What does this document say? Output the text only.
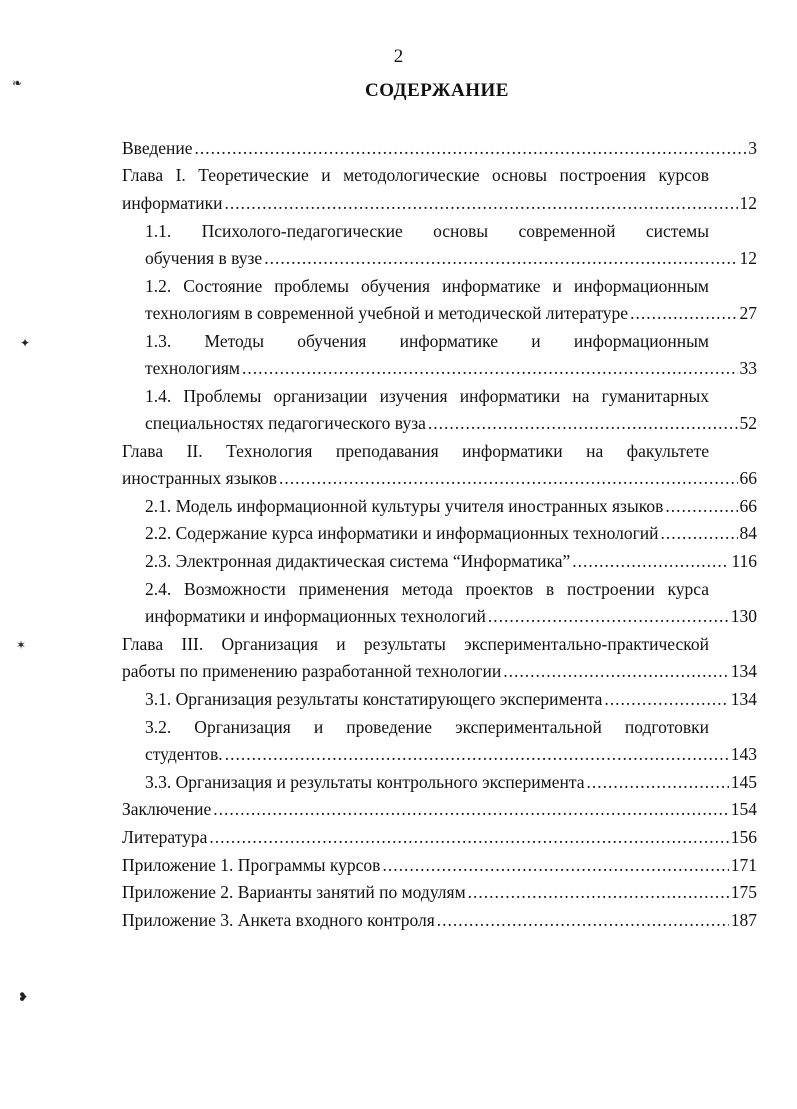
❧
✦
✶
❥
2
СОДЕРЖАНИЕ
Введение .....	3
Глава I. Теоретические и методологические основы построения курсов
информатики .....	12
1.1. Психолого-педагогические основы современной системы
обучения в вузе .....	12
1.2. Состояние проблемы обучения информатике и информационным
технологиям в современной учебной и методической литературе .....	27
1.3. Методы обучения информатике и информационным
технологиям .....	33
1.4. Проблемы организации изучения информатики на гуманитарных
специальностях педагогического вуза .....	52
Глава II. Технология преподавания информатики на факультете
иностранных языков .....	66
2.1. Модель информационной культуры учителя иностранных языков .....	66
2.2. Содержание курса информатики и информационных технологий .....	84
2.3. Электронная дидактическая система “Информатика” .....	116
2.4. Возможности применения метода проектов в построении курса
информатики и информационных технологий .....	130
Глава III. Организация и результаты экспериментально-практической
работы по применению разработанной технологии .....	134
3.1. Организация результаты констатирующего эксперимента .....	134
3.2. Организация и проведение экспериментальной подготовки
студентов. .....	143
3.3. Организация и результаты контрольного эксперимента .....	145
Заключение .....	154
Литература .....	156
Приложение 1. Программы курсов .....	171
Приложение 2. Варианты занятий по модулям .....	175
Приложение 3. Анкета входного контроля .....	187
